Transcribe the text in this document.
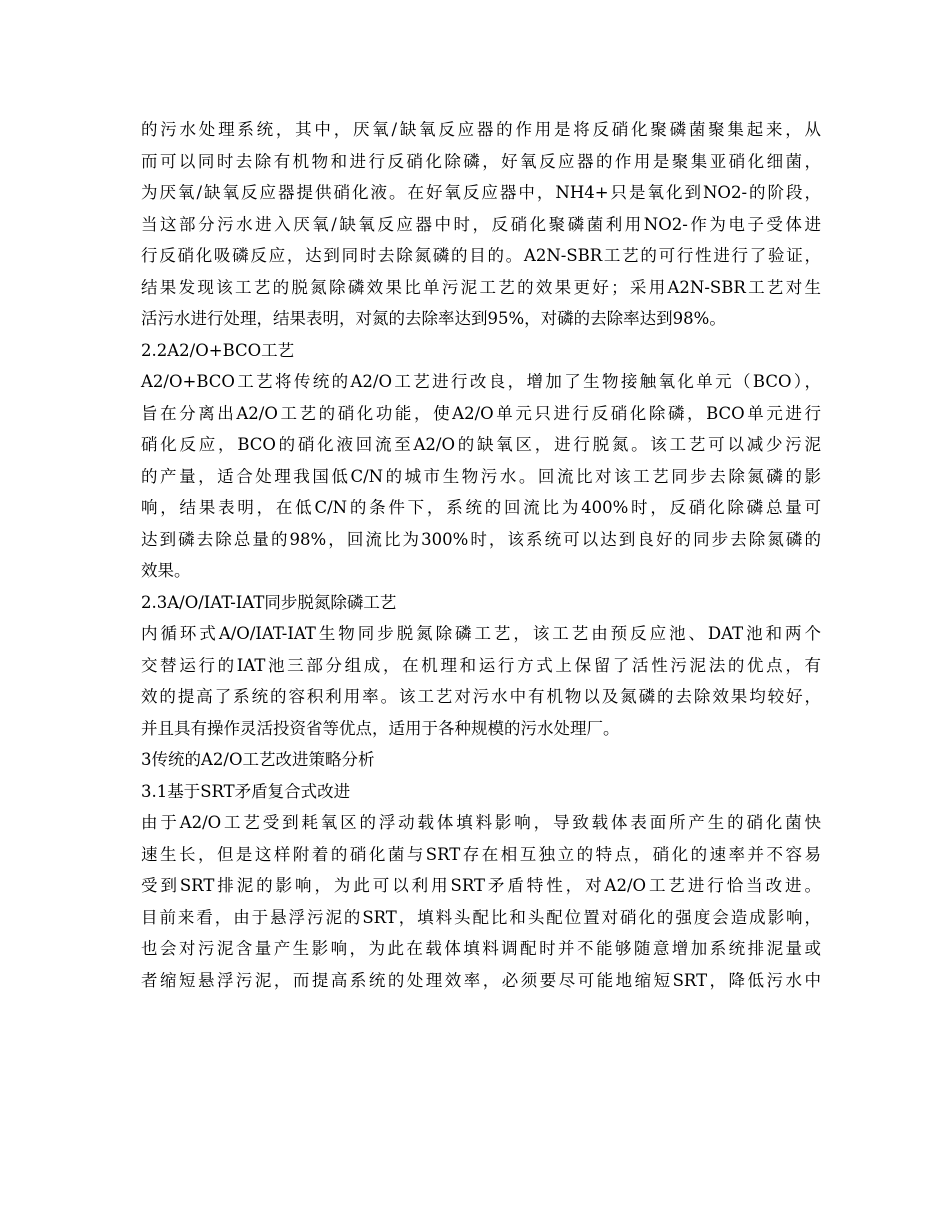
的污水处理系统，其中，厌氧/缺氧反应器的作用是将反硝化聚磷菌聚集起来，从
而可以同时去除有机物和进行反硝化除磷，好氧反应器的作用是聚集亚硝化细菌，
为厌氧/缺氧反应器提供硝化液。在好氧反应器中，NH4+只是氧化到NO2-的阶段，
当这部分污水进入厌氧/缺氧反应器中时，反硝化聚磷菌利用NO2-作为电子受体进
行反硝化吸磷反应，达到同时去除氮磷的目的。A2N-SBR工艺的可行性进行了验证，
结果发现该工艺的脱氮除磷效果比单污泥工艺的效果更好；采用A2N-SBR工艺对生
活污水进行处理，结果表明，对氮的去除率达到95%，对磷的去除率达到98%。
2.2A2/O+BCO工艺
A2/O+BCO工艺将传统的A2/O工艺进行改良，增加了生物接触氧化单元（BCO），
旨在分离出A2/O工艺的硝化功能，使A2/O单元只进行反硝化除磷，BCO单元进行
硝化反应，BCO的硝化液回流至A2/O的缺氧区，进行脱氮。该工艺可以减少污泥
的产量，适合处理我国低C/N的城市生物污水。回流比对该工艺同步去除氮磷的影
响，结果表明，在低C/N的条件下，系统的回流比为400%时，反硝化除磷总量可
达到磷去除总量的98%，回流比为300%时，该系统可以达到良好的同步去除氮磷的
效果。
2.3A/O/IAT-IAT同步脱氮除磷工艺
内循环式A/O/IAT-IAT生物同步脱氮除磷工艺，该工艺由预反应池、DAT池和两个
交替运行的IAT池三部分组成，在机理和运行方式上保留了活性污泥法的优点，有
效的提高了系统的容积利用率。该工艺对污水中有机物以及氮磷的去除效果均较好，
并且具有操作灵活投资省等优点，适用于各种规模的污水处理厂。
3传统的A2/O工艺改进策略分析
3.1基于SRT矛盾复合式改进
由于A2/O工艺受到耗氧区的浮动载体填料影响，导致载体表面所产生的硝化菌快
速生长，但是这样附着的硝化菌与SRT存在相互独立的特点，硝化的速率并不容易
受到SRT排泥的影响，为此可以利用SRT矛盾特性，对A2/O工艺进行恰当改进。
目前来看，由于悬浮污泥的SRT，填料头配比和头配位置对硝化的强度会造成影响，
也会对污泥含量产生影响，为此在载体填料调配时并不能够随意增加系统排泥量或
者缩短悬浮污泥，而提高系统的处理效率，必须要尽可能地缩短SRT，降低污水中
